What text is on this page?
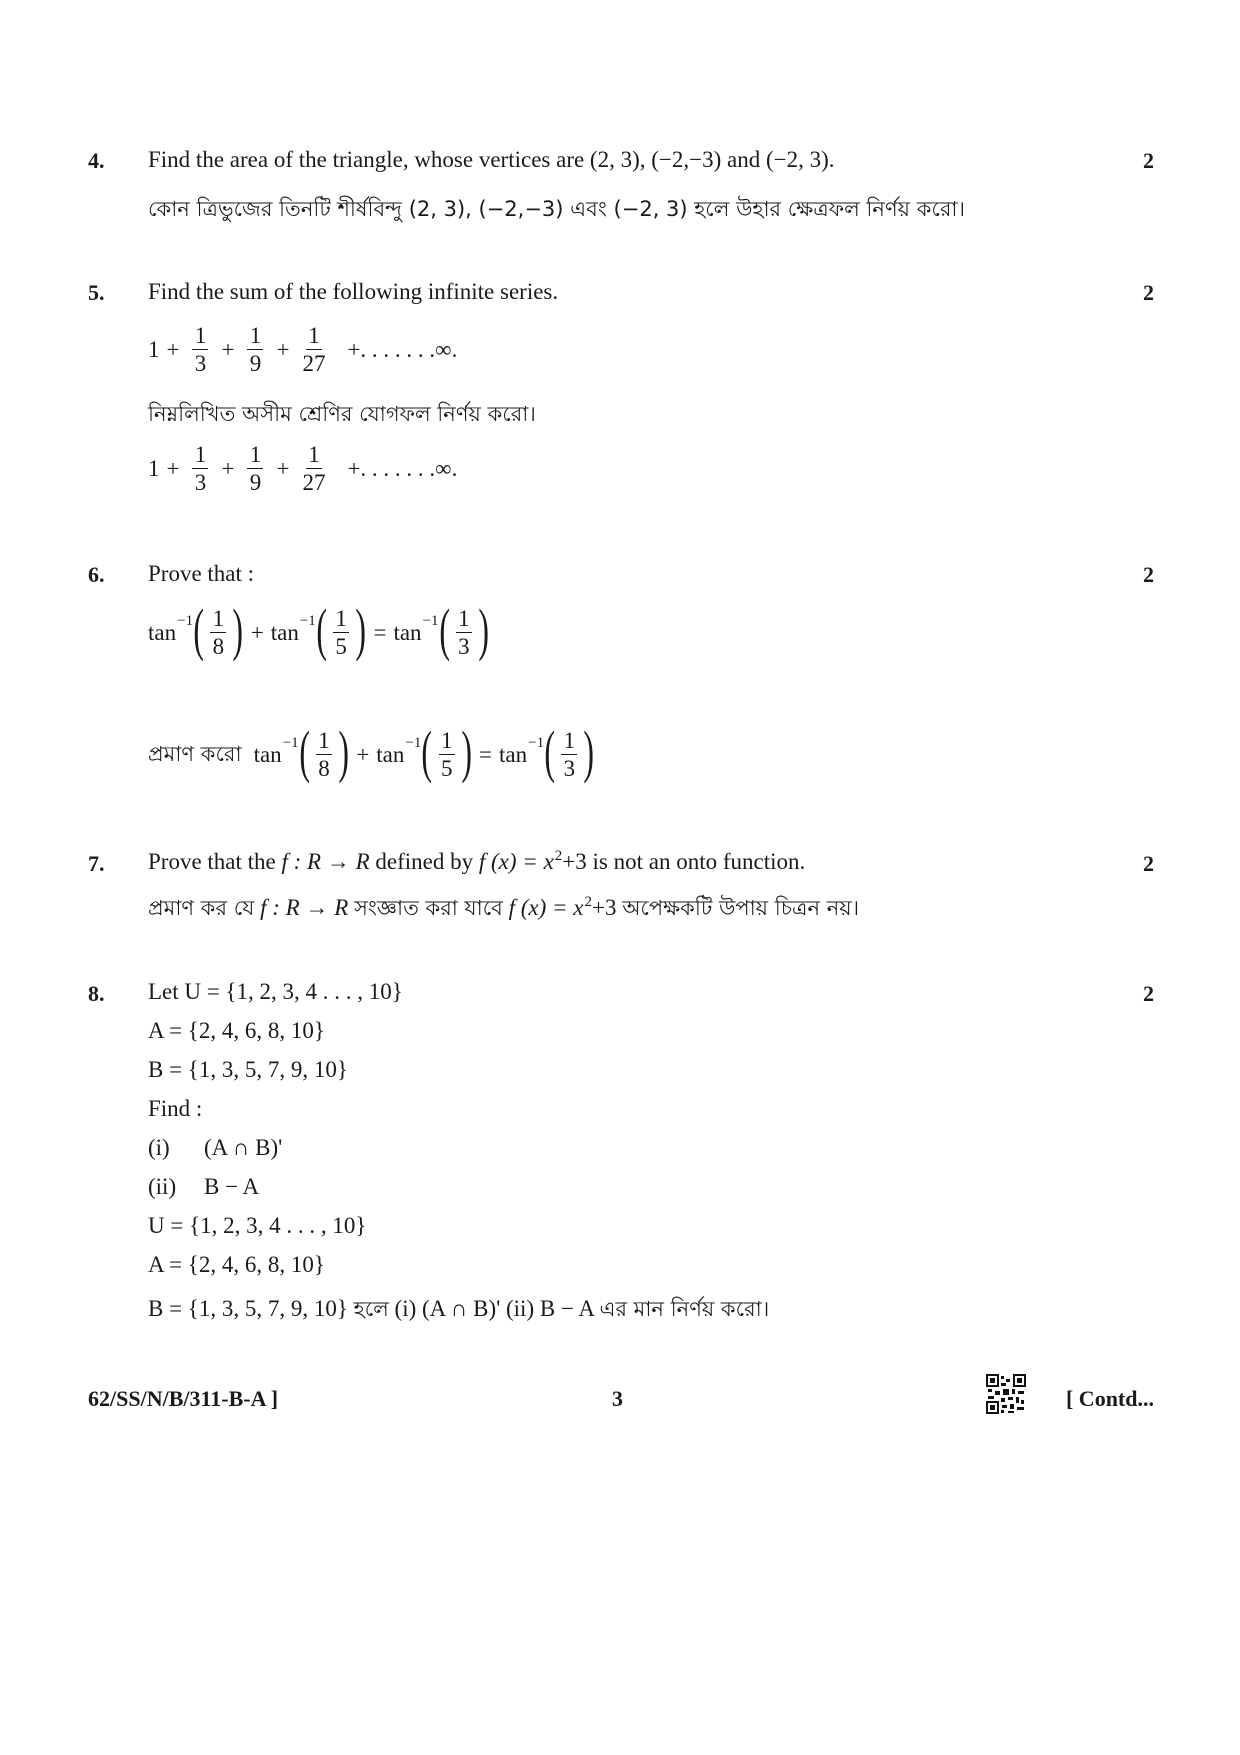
4. Find the area of the triangle, whose vertices are (2, 3), (−2,−3) and (−2, 3).	2
কোন ত্রিভুজের তিনটি শীর্ষবিন্দু (2, 3), (−2,−3) এবং (−2, 3) হলে উহার ক্ষেত্রফল নির্ণয় করো।
5. Find the sum of the following infinite series.	2
$1 + \frac{1}{3} + \frac{1}{9} + \frac{1}{27}$ +. . . . . . .∞.
নিম্নলিখিত অসীম শ্রেণির যোগফল নির্ণয় করো।
$1 + \frac{1}{3} + \frac{1}{9} + \frac{1}{27}$ +. . . . . . .∞.
6. Prove that :	2
tan −1 ( $\frac{1}{8}$ ) + tan −1 ( $\frac{1}{5}$ ) = tan −1 ( $\frac{1}{3}$ )
প্রমাণ করো tan −1 ( $\frac{1}{8}$ ) + tan −1 ( $\frac{1}{5}$ ) = tan −1 ( $\frac{1}{3}$ )
7. Prove that the f : R → R defined by f $(x) = x^2+3$ is not an onto function.	2
প্রমাণ কর যে f : R → R সংজ্ঞাত করা যাবে f $(x) = x^2+3$ অপেক্ষকটি উপায় চিত্রন নয়।
8.	2
Let U = {1, 2, 3, 4 . . . , 10}
A = {2, 4, 6, 8, 10}
B = {1, 3, 5, 7, 9, 10}
Find :
(i) (A ∩ B)'
(ii) B − A
U = {1, 2, 3, 4 . . . , 10}
A = {2, 4, 6, 8, 10}
B = {1, 3, 5, 7, 9, 10} হলে (i) (A ∩ B)' (ii) B − A এর মান নির্ণয় করো।
62/SS/N/B/311-B-A ]	3	[ Contd...
